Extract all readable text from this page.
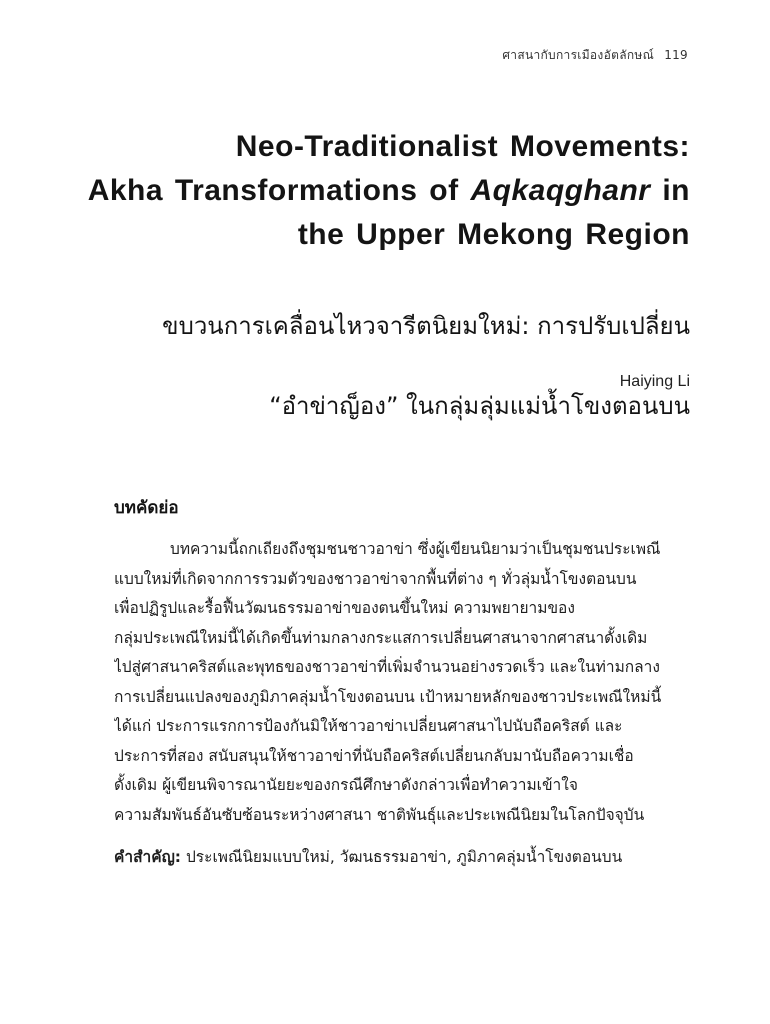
ศาสนากับการเมืองอัตลักษณ์ 119
Neo-Traditionalist Movements:
Akha Transformations of Aqkaqghanr in
the Upper Mekong Region

ขบวนการเคลื่อนไหวจารีตนิยมใหม่: การปรับเปลี่ยน

“อำข่าญ็อง” ในกลุ่มลุ่มแม่น้ำโขงตอนบน

Haiying Li
บทคัดย่อ
บทความนี้ถกเถียงถึงชุมชนชาวอาข่า ซึ่งผู้เขียนนิยามว่าเป็นชุมชนประเพณี
แบบใหม่ที่เกิดจากการรวมตัวของชาวอาข่าจากพื้นที่ต่าง ๆ ทั่วลุ่มน้ำโขงตอนบน
เพื่อปฏิรูปและรื้อฟื้นวัฒนธรรมอาข่าของตนขึ้นใหม่ ความพยายามของ
กลุ่มประเพณีใหม่นี้ได้เกิดขึ้นท่ามกลางกระแสการเปลี่ยนศาสนาจากศาสนาดั้งเดิม
ไปสู่ศาสนาคริสต์และพุทธของชาวอาข่าที่เพิ่มจำนวนอย่างรวดเร็ว และในท่ามกลาง
การเปลี่ยนแปลงของภูมิภาคลุ่มน้ำโขงตอนบน เป้าหมายหลักของชาวประเพณีใหม่นี้
ได้แก่ ประการแรกการป้องกันมิให้ชาวอาข่าเปลี่ยนศาสนาไปนับถือคริสต์ และ
ประการที่สอง สนับสนุนให้ชาวอาข่าที่นับถือคริสต์เปลี่ยนกลับมานับถือความเชื่อ
ดั้งเดิม ผู้เขียนพิจารณานัยยะของกรณีศึกษาดังกล่าวเพื่อทำความเข้าใจ
ความสัมพันธ์อันซับซ้อนระหว่างศาสนา ชาติพันธุ์และประเพณีนิยมในโลกปัจจุบัน
คำสำคัญ: ประเพณีนิยมแบบใหม่, วัฒนธรรมอาข่า, ภูมิภาคลุ่มน้ำโขงตอนบน
